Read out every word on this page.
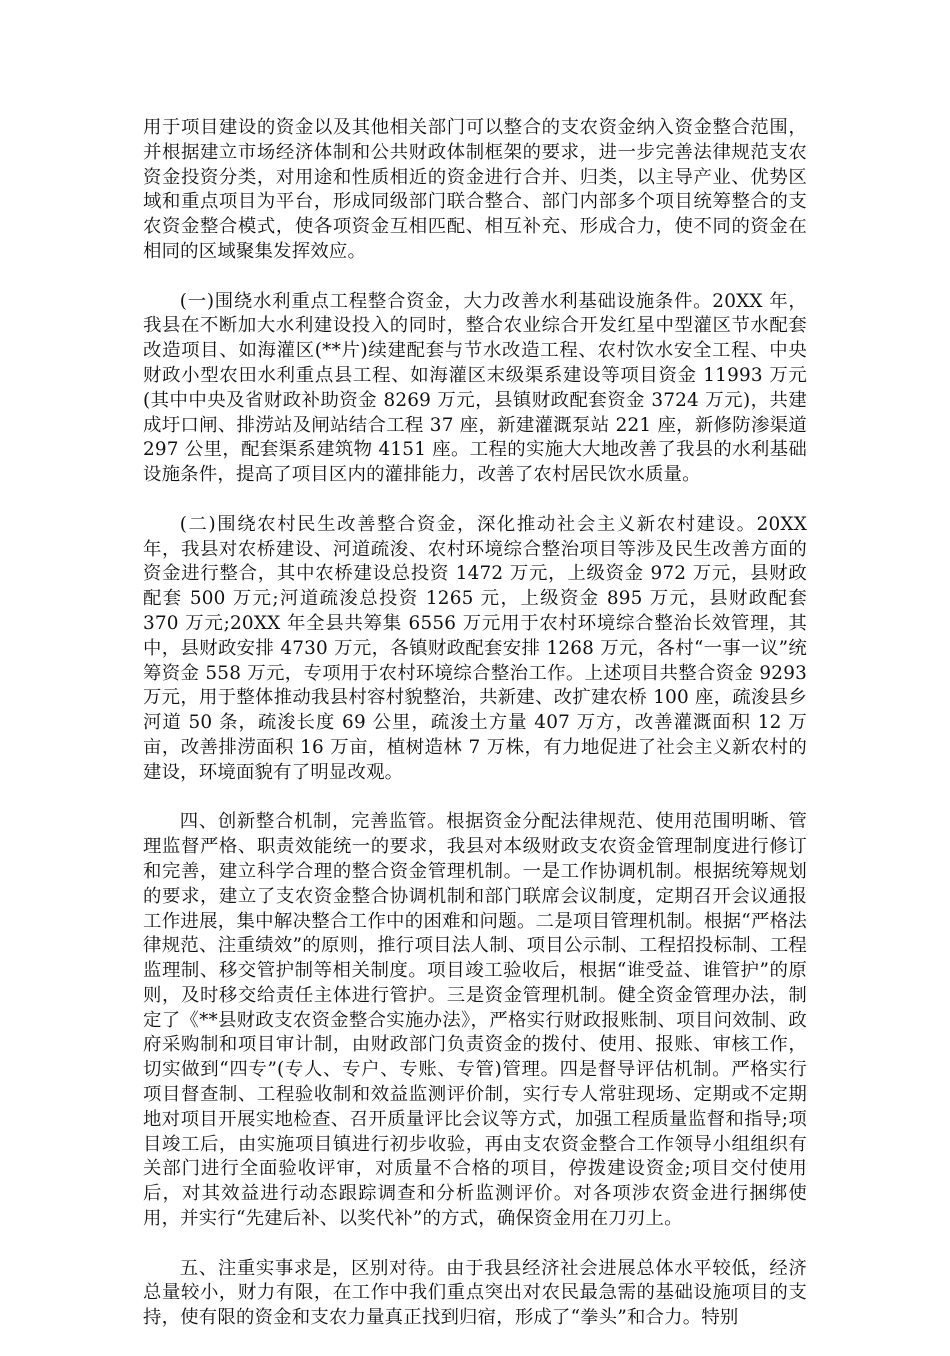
用于项目建设的资金以及其他相关部门可以整合的支农资金纳入资金整合范围，并根据建立市场经济体制和公共财政体制框架的要求，进一步完善法律规范支农资金投资分类，对用途和性质相近的资金进行合并、归类，以主导产业、优势区域和重点项目为平台，形成同级部门联合整合、部门内部多个项目统筹整合的支农资金整合模式，使各项资金互相匹配、相互补充、形成合力，使不同的资金在相同的区域聚集发挥效应。

(一)围绕水利重点工程整合资金，大力改善水利基础设施条件。20XX 年，我县在不断加大水利建设投入的同时，整合农业综合开发红星中型灌区节水配套改造项目、如海灌区(**片)续建配套与节水改造工程、农村饮水安全工程、中央财政小型农田水利重点县工程、如海灌区末级渠系建设等项目资金 11993 万元(其中中央及省财政补助资金 8269 万元，县镇财政配套资金 3724 万元)，共建成圩口闸、排涝站及闸站结合工程 37 座，新建灌溉泵站 221 座，新修防渗渠道 297 公里，配套渠系建筑物 4151 座。工程的实施大大地改善了我县的水利基础设施条件，提高了项目区内的灌排能力，改善了农村居民饮水质量。

(二)围绕农村民生改善整合资金，深化推动社会主义新农村建设。20XX 年，我县对农桥建设、河道疏浚、农村环境综合整治项目等涉及民生改善方面的资金进行整合，其中农桥建设总投资 1472 万元，上级资金 972 万元，县财政配套 500 万元;河道疏浚总投资 1265 元，上级资金 895 万元，县财政配套 370 万元;20XX 年全县共筹集 6556 万元用于农村环境综合整治长效管理，其中，县财政安排 4730 万元，各镇财政配套安排 1268 万元，各村“一事一议”统筹资金 558 万元，专项用于农村环境综合整治工作。上述项目共整合资金 9293 万元，用于整体推动我县村容村貌整治，共新建、改扩建农桥 100 座，疏浚县乡河道 50 条，疏浚长度 69 公里，疏浚土方量 407 万方，改善灌溉面积 12 万亩，改善排涝面积 16 万亩，植树造林 7 万株，有力地促进了社会主义新农村的建设，环境面貌有了明显改观。

四、创新整合机制，完善监管。根据资金分配法律规范、使用范围明晰、管理监督严格、职责效能统一的要求，我县对本级财政支农资金管理制度进行修订和完善，建立科学合理的整合资金管理机制。一是工作协调机制。根据统筹规划的要求，建立了支农资金整合协调机制和部门联席会议制度，定期召开会议通报工作进展，集中解决整合工作中的困难和问题。二是项目管理机制。根据“严格法律规范、注重绩效”的原则，推行项目法人制、项目公示制、工程招投标制、工程监理制、移交管护制等相关制度。项目竣工验收后，根据“谁受益、谁管护”的原则，及时移交给责任主体进行管护。三是资金管理机制。健全资金管理办法，制定了《**县财政支农资金整合实施办法》，严格实行财政报账制、项目问效制、政府采购制和项目审计制，由财政部门负责资金的拨付、使用、报账、审核工作，切实做到“四专”(专人、专户、专账、专管)管理。四是督导评估机制。严格实行项目督查制、工程验收制和效益监测评价制，实行专人常驻现场、定期或不定期地对项目开展实地检查、召开质量评比会议等方式，加强工程质量监督和指导;项目竣工后，由实施项目镇进行初步收验，再由支农资金整合工作领导小组组织有关部门进行全面验收评审，对质量不合格的项目，停拨建设资金;项目交付使用后，对其效益进行动态跟踪调查和分析监测评价。对各项涉农资金进行捆绑使用，并实行“先建后补、以奖代补”的方式，确保资金用在刀刃上。

五、注重实事求是，区别对待。由于我县经济社会进展总体水平较低，经济总量较小，财力有限，在工作中我们重点突出对农民最急需的基础设施项目的支持，使有限的资金和支农力量真正找到归宿，形成了“拳头”和合力。特别
